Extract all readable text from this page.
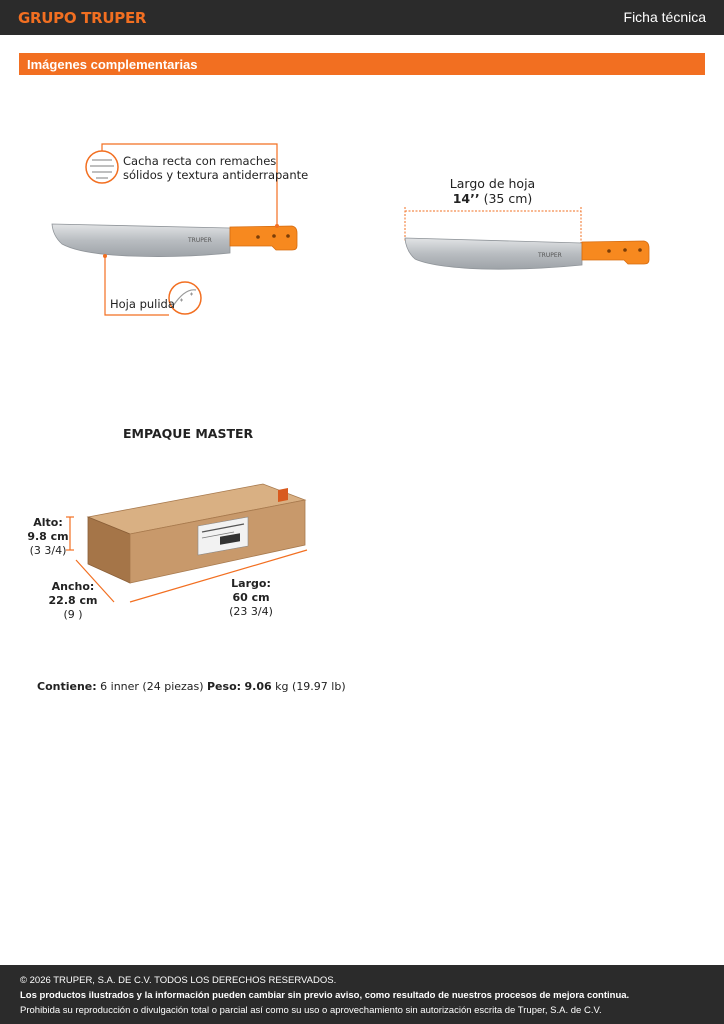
GRUPO TRUPER	Ficha técnica
Imágenes complementarias
TRUPER
Cacha recta con remaches
sólidos y textura antiderrapante
Hoja pulida
Largo de hoja
14’’ (35 cm)
TRUPER
EMPAQUE MASTER
Alto:
9.8 cm
(3 3/4)
Ancho:
22.8 cm
(9 )
Largo:
60 cm
(23 3/4)
Contiene: 6 inner (24 piezas) Peso: 9.06 kg (19.97 lb)
© 2026 TRUPER, S.A. DE C.V. TODOS LOS DERECHOS RESERVADOS.
Los productos ilustrados y la información pueden cambiar sin previo aviso, como resultado de nuestros procesos de mejora continua.
Prohibida su reproducción o divulgación total o parcial así como su uso o aprovechamiento sin autorización escrita de Truper, S.A. de C.V.
